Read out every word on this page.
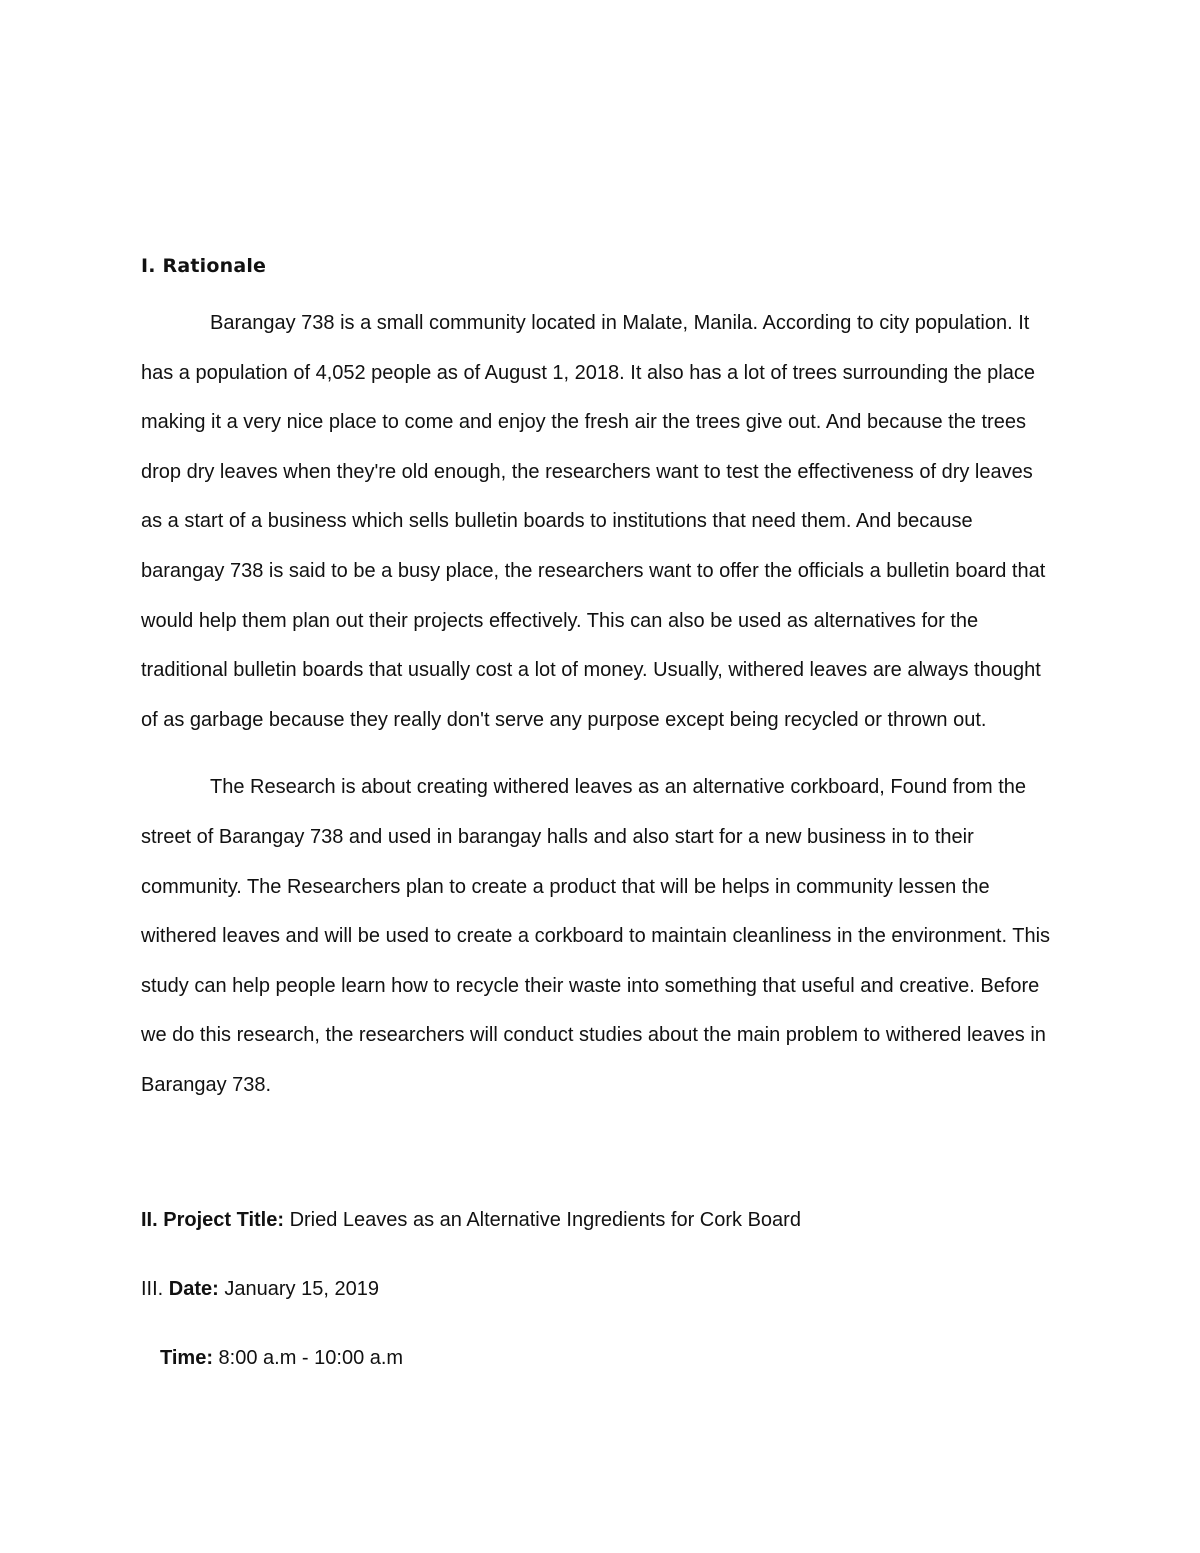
I. Rationale
Barangay 738 is a small community located in Malate, Manila. According to city population. It
has a population of 4,052 people as of August 1, 2018. It also has a lot of trees surrounding the place
making it a very nice place to come and enjoy the fresh air the trees give out. And because the trees
drop dry leaves when they're old enough, the researchers want to test the effectiveness of dry leaves
as a start of a business which sells bulletin boards to institutions that need them. And because
barangay 738 is said to be a busy place, the researchers want to offer the officials a bulletin board that
would help them plan out their projects effectively. This can also be used as alternatives for the
traditional bulletin boards that usually cost a lot of money. Usually, withered leaves are always thought
of as garbage because they really don't serve any purpose except being recycled or thrown out.
The Research is about creating withered leaves as an alternative corkboard, Found from the
street of Barangay 738 and used in barangay halls and also start for a new business in to their
community. The Researchers plan to create a product that will be helps in community lessen the
withered leaves and will be used to create a corkboard to maintain cleanliness in the environment. This
study can help people learn how to recycle their waste into something that useful and creative. Before
we do this research, the researchers will conduct studies about the main problem to withered leaves in
Barangay 738.
II. Project Title: Dried Leaves as an Alternative Ingredients for Cork Board
III. Date: January 15, 2019
Time: 8:00 a.m - 10:00 a.m
